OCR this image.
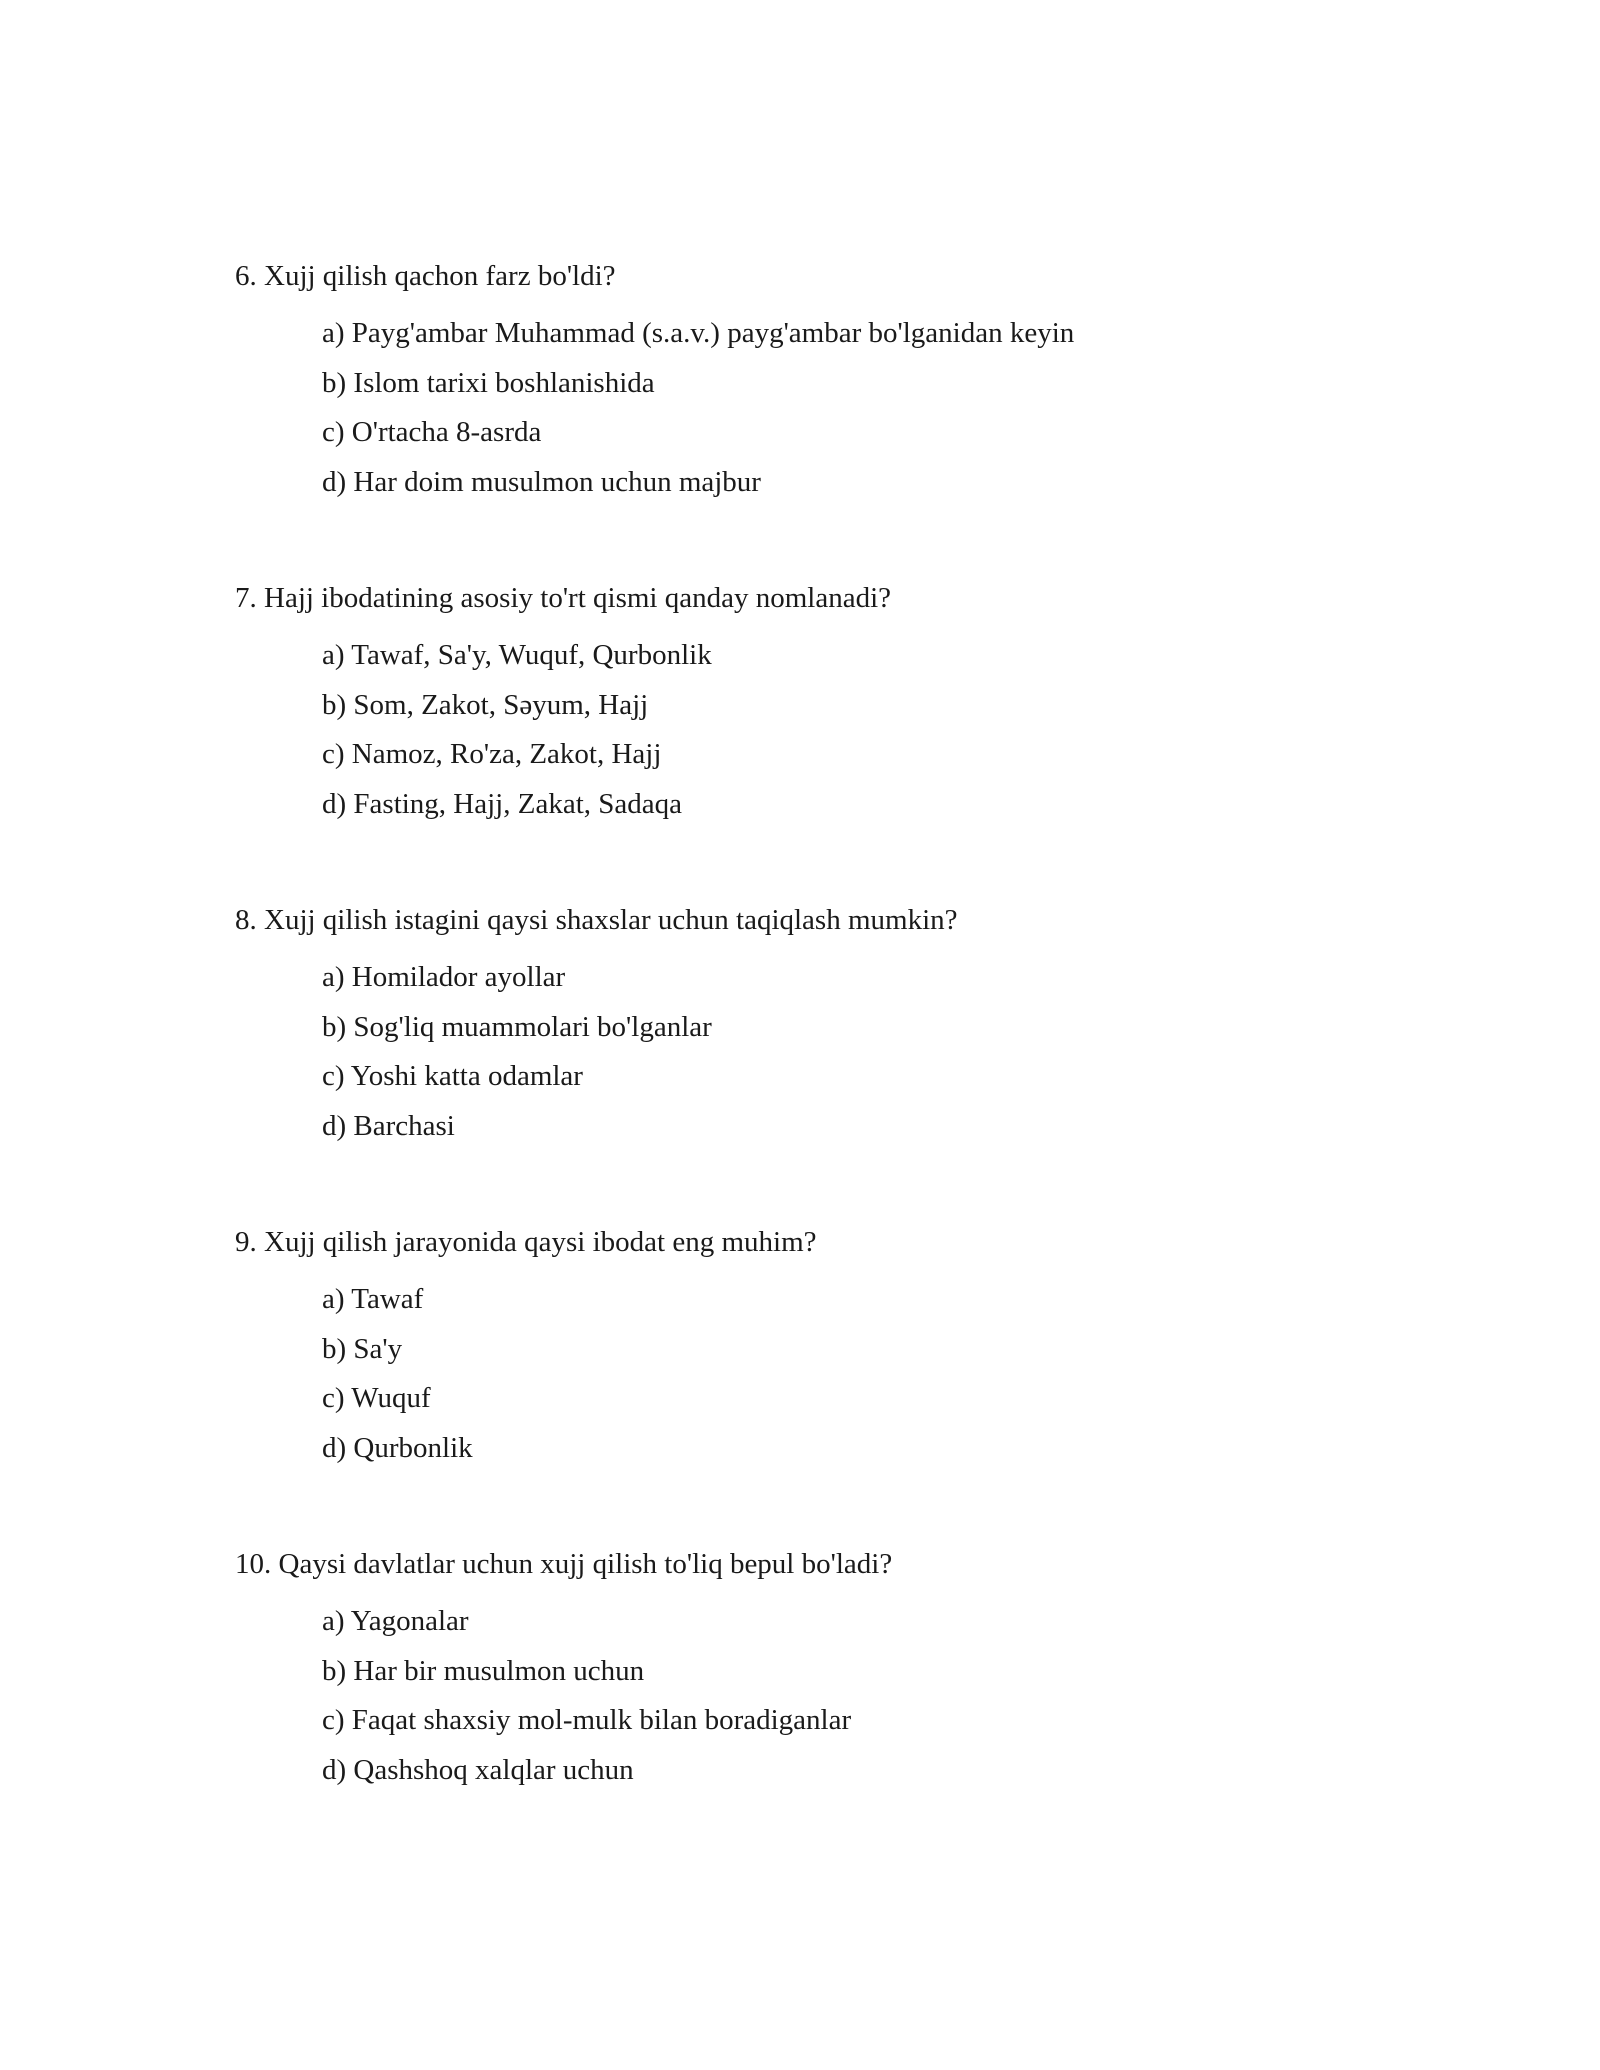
6. Xujj qilish qachon farz bo'ldi?

a) Payg'ambar Muhammad (s.a.v.) payg'ambar bo'lganidan keyin
b) Islom tarixi boshlanishida
c) O'rtacha 8-asrda
d) Har doim musulmon uchun majbur

7. Hajj ibodatining asosiy to'rt qismi qanday nomlanadi?

a) Tawaf, Sa'y, Wuquf, Qurbonlik
b) Som, Zakot, Səyum, Hajj
c) Namoz, Ro'za, Zakot, Hajj
d) Fasting, Hajj, Zakat, Sadaqa

8. Xujj qilish istagini qaysi shaxslar uchun taqiqlash mumkin?

a) Homilador ayollar
b) Sog'liq muammolari bo'lganlar
c) Yoshi katta odamlar
d) Barchasi

9. Xujj qilish jarayonida qaysi ibodat eng muhim?

a) Tawaf
b) Sa'y
c) Wuquf
d) Qurbonlik

10. Qaysi davlatlar uchun xujj qilish to'liq bepul bo'ladi?

a) Yagonalar
b) Har bir musulmon uchun
c) Faqat shaxsiy mol-mulk bilan boradiganlar
d) Qashshoq xalqlar uchun
